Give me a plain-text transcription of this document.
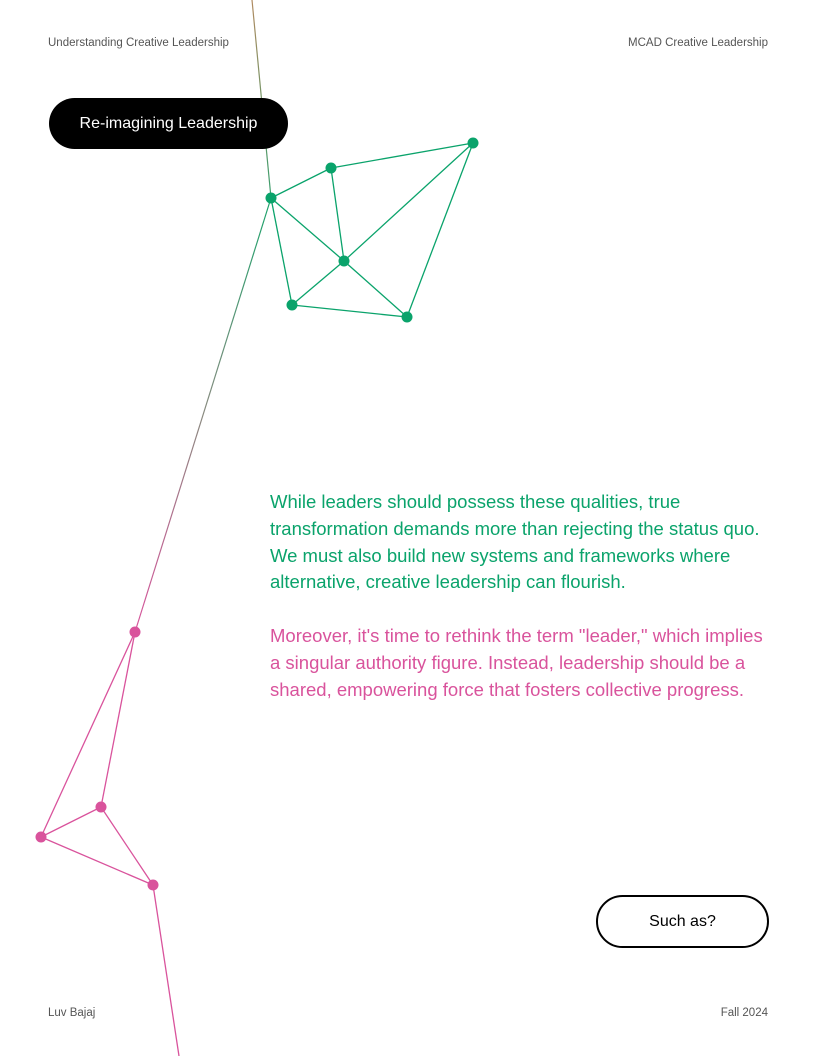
Understanding Creative Leadership	MCAD Creative Leadership
Re-imagining Leadership

While leaders should possess these qualities, true transformation demands more than rejecting the status quo. We must also build new systems and frameworks where alternative, creative leadership can flourish.

Moreover, it's time to rethink the term "leader," which implies a singular authority figure. Instead, leadership should be a shared, empowering force that fosters collective progress.

Such as?
Luv Bajaj	Fall 2024
